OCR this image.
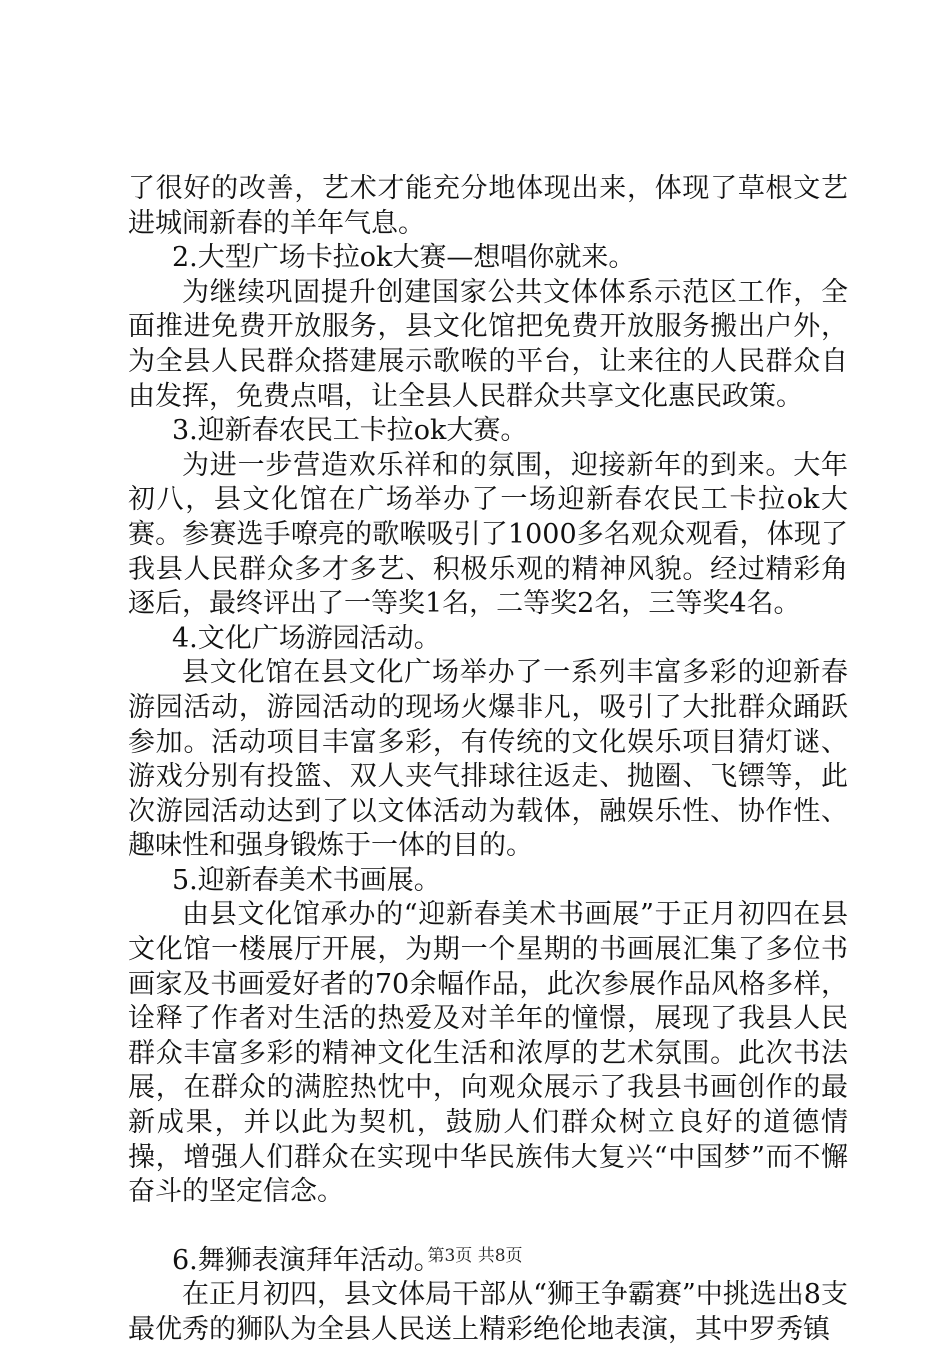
了很好的改善，艺术才能充分地体现出来，体现了草根文艺进城闹新春的羊年气息。

2.大型广场卡拉ok大赛—想唱你就来。

为继续巩固提升创建国家公共文体体系示范区工作，全面推进免费开放服务，县文化馆把免费开放服务搬出户外，为全县人民群众搭建展示歌喉的平台，让来往的人民群众自由发挥，免费点唱，让全县人民群众共享文化惠民政策。

3.迎新春农民工卡拉ok大赛。

为进一步营造欢乐祥和的氛围，迎接新年的到来。大年初八，县文化馆在广场举办了一场迎新春农民工卡拉ok大赛。参赛选手嘹亮的歌喉吸引了1000多名观众观看，体现了我县人民群众多才多艺、积极乐观的精神风貌。经过精彩角逐后，最终评出了一等奖1名，二等奖2名，三等奖4名。

4.文化广场游园活动。

县文化馆在县文化广场举办了一系列丰富多彩的迎新春游园活动，游园活动的现场火爆非凡，吸引了大批群众踊跃参加。活动项目丰富多彩，有传统的文化娱乐项目猜灯谜、游戏分别有投篮、双人夹气排球往返走、抛圈、飞镖等，此次游园活动达到了以文体活动为载体，融娱乐性、协作性、趣味性和强身锻炼于一体的目的。

5.迎新春美术书画展。

由县文化馆承办的“迎新春美术书画展”于正月初四在县文化馆一楼展厅开展，为期一个星期的书画展汇集了多位书画家及书画爱好者的70余幅作品，此次参展作品风格多样，诠释了作者对生活的热爱及对羊年的憧憬，展现了我县人民群众丰富多彩的精神文化生活和浓厚的艺术氛围。此次书法展，在群众的满腔热忱中，向观众展示了我县书画创作的最新成果，并以此为契机，鼓励人们群众树立良好的道德情操，增强人们群众在实现中华民族伟大复兴“中国梦”而不懈奋斗的坚定信念。

6.舞狮表演拜年活动。

在正月初四，县文体局干部从“狮王争霸赛”中挑选出8支最优秀的狮队为全县人民送上精彩绝伦地表演，其中罗秀镇

第3页 共8页
